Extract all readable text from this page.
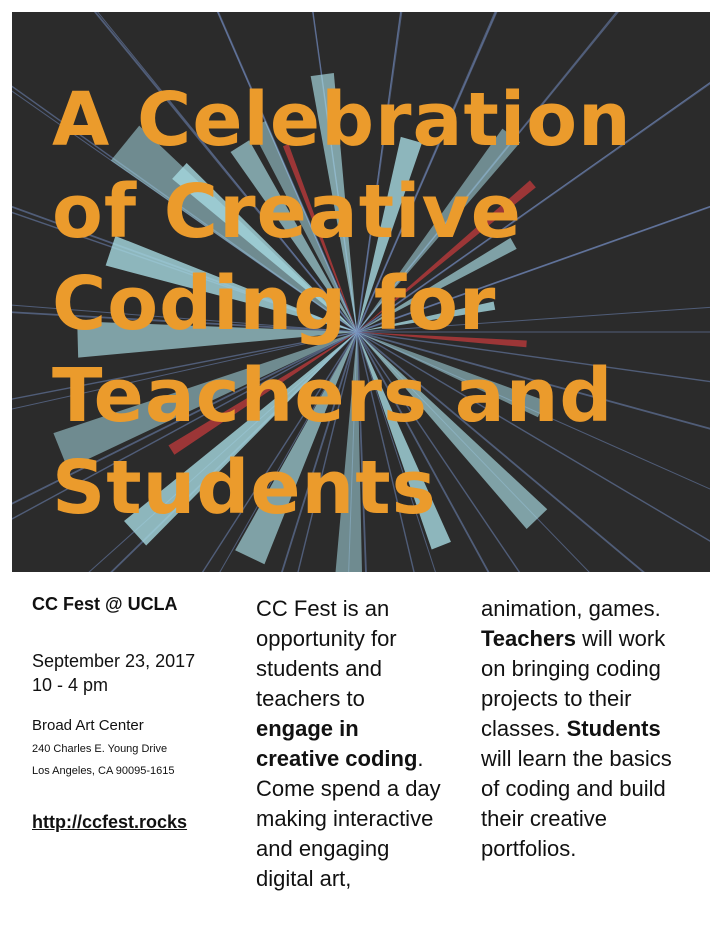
A Celebration
of Creative
Coding for
Teachers and
Students

CC Fest @ UCLA

September 23, 2017
10 - 4 pm
Broad Art Center
240 Charles E. Young Drive
Los Angeles, CA 90095-1615
http://ccfest.rocks
CC Fest is an
opportunity for
students and
teachers to
engage in
creative coding.
Come spend a day
making interactive
and engaging
digital art,
animation, games.
Teachers will work
on bringing coding
projects to their
classes. Students
will learn the basics
of coding and build
their creative
portfolios.
